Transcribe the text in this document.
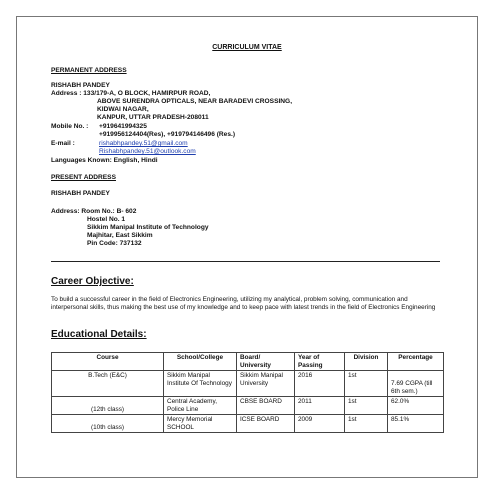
CURRICULUM VITAE
PERMANENT ADDRESS
RISHABH PANDEY
Address : 133/179-A, O BLOCK, HAMIRPUR ROAD,
ABOVE SURENDRA OPTICALS, NEAR BARADEVI CROSSING,
KIDWAI NAGAR,
KANPUR, UTTAR PRADESH-208011
Mobile No. : +919641994325
+919956124404(Res), +919794146496 (Res.)
E-mail :	rishabhpandey.51@gmail.com
Rishabhpandey.51@outlook.com
Languages Known: English, Hindi
PRESENT ADDRESS
RISHABH PANDEY
Address: Room No.: B- 602
Hostel No. 1
Sikkim Manipal Institute of Technology
Majhitar, East Sikkim
Pin Code: 737132
Career Objective:
To build a successful career in the field of Electronics Engineering, utilizing my analytical, problem solving, communication and interpersonal skills, thus making the best use of my knowledge and to keep pace with latest trends in the field of Electronics Engineering
Educational Details:
Course	School/College	Board/ University	Year of Passing	Division	Percentage
B.Tech (E&C)	Sikkim Manipal Institute Of Technology	Sikkim Manipal University	2016	1st	7.69 CGPA (till 6th sem.)
(12th class)	Central Academy, Police Line	CBSE BOARD	2011	1st	62.0%
(10th class)	Mercy Memorial SCHOOL	ICSE BOARD	2009	1st	85.1%
